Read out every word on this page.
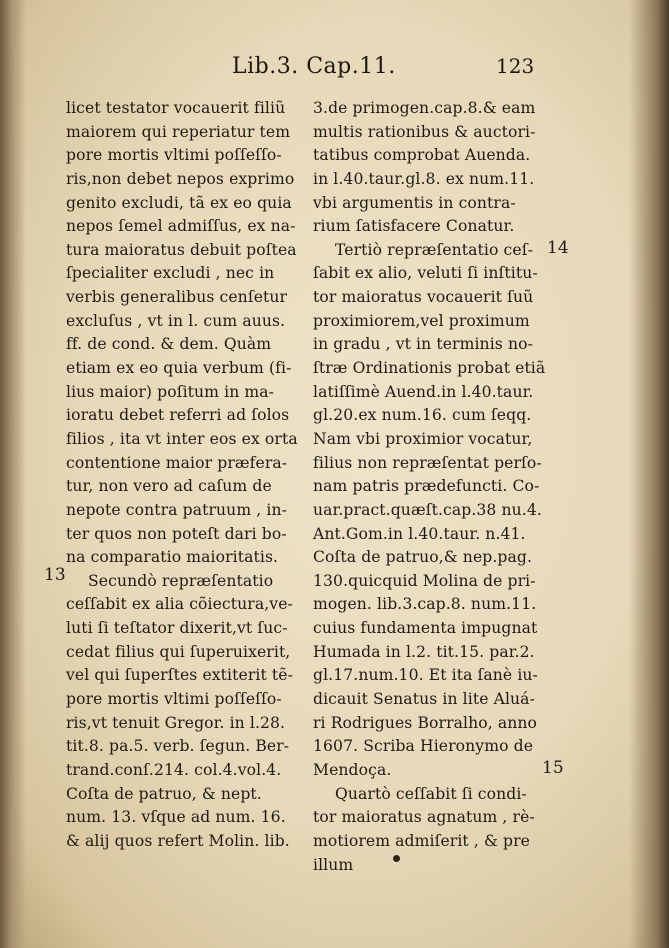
Lib.3. Cap.11.	123
licet testator vocauerit filiũ
maiorem qui reperiatur tem
pore mortis vltimi poſſeſſo-
ris,non debet nepos exprimo
genito excludi, tã ex eo quia
nepos ſemel admiſſus, ex na-
tura maioratus debuit poſtea
ſpecialiter excludi , nec in
verbis generalibus cenſetur
excluſus , vt in l. cum auus.
ff. de cond. & dem. Quàm
etiam ex eo quia verbum (fi-
lius maior) poſitum in ma-
ioratu debet referri ad ſolos
filios , ita vt inter eos ex orta
contentione maior præfera-
tur, non vero ad caſum de
nepote contra patruum , in-
ter quos non poteſt dari bo-
na comparatio maioritatis.
Secundò repræſentatio
ceſſabit ex alia cõiectura,ve-
luti ſi teſtator dixerit,vt ſuc-
cedat filius qui ſuperuixerit,
vel qui ſuperſtes extiterit tẽ-
pore mortis vltimi poſſeſſo-
ris,vt tenuit Gregor. in l.28.
tit.8. pa.5. verb. ſegun. Ber-
trand.conſ.214. col.4.vol.4.
Coſta de patruo, & nept.
num. 13. vſque ad num. 16.
& alij quos refert Molin. lib.
3.de primogen.cap.8.& eam
multis rationibus & auctori-
tatibus comprobat Auenda.
in l.40.taur.gl.8. ex num.11.
vbi argumentis in contra-
rium ſatisfacere Conatur.
Tertiò repræſentatio ceſ-
ſabit ex alio, veluti ſi inſtitu-
tor maioratus vocauerit ſuũ
proximiorem,vel proximum
in gradu , vt in terminis no-
ſtræ Ordinationis probat etiã
latiſſimè Auend.in l.40.taur.
gl.20.ex num.16. cum ſeqq.
Nam vbi proximior vocatur,
filius non repræſentat perſo-
nam patris prædefuncti. Co-
uar.pract.quæſt.cap.38 nu.4.
Ant.Gom.in l.40.taur. n.41.
Coſta de patruo,& nep.pag.
130.quicquid Molina de pri-
mogen. lib.3.cap.8. num.11.
cuius fundamenta impugnat
Humada in l.2. tit.15. par.2.
gl.17.num.10. Et ita ſanè iu-
dicauit Senatus in lite Aluá-
ri Rodrigues Borralho, anno
1607. Scriba Hieronymo de
Mendoça.
Quartò ceſſabit ſi condi-
tor maioratus agnatum , rè-
motiorem admiſerit , & pre
illum
13
14
15
